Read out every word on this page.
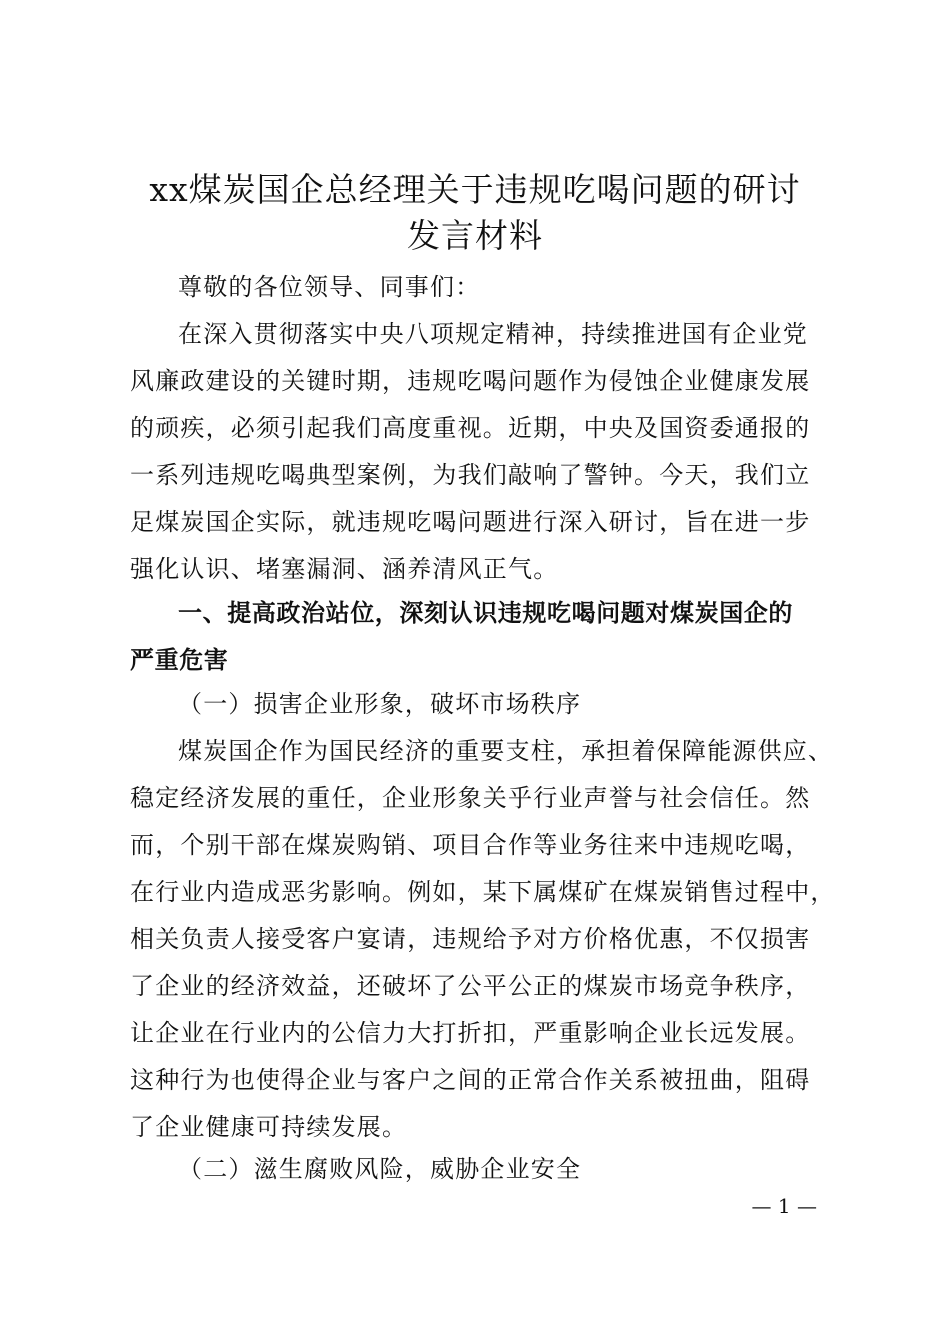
xx煤炭国企总经理关于违规吃喝问题的研讨
发言材料
尊敬的各位领导、同事们：
在深入贯彻落实中央八项规定精神，持续推进国有企业党
风廉政建设的关键时期，违规吃喝问题作为侵蚀企业健康发展
的顽疾，必须引起我们高度重视。近期，中央及国资委通报的
一系列违规吃喝典型案例，为我们敲响了警钟。今天，我们立
足煤炭国企实际，就违规吃喝问题进行深入研讨，旨在进一步
强化认识、堵塞漏洞、涵养清风正气。
一、提高政治站位，深刻认识违规吃喝问题对煤炭国企的
严重危害
（一）损害企业形象，破坏市场秩序
煤炭国企作为国民经济的重要支柱，承担着保障能源供应、
稳定经济发展的重任，企业形象关乎行业声誉与社会信任。然
而，个别干部在煤炭购销、项目合作等业务往来中违规吃喝，
在行业内造成恶劣影响。例如，某下属煤矿在煤炭销售过程中，
相关负责人接受客户宴请，违规给予对方价格优惠，不仅损害
了企业的经济效益，还破坏了公平公正的煤炭市场竞争秩序，
让企业在行业内的公信力大打折扣，严重影响企业长远发展。
这种行为也使得企业与客户之间的正常合作关系被扭曲，阻碍
了企业健康可持续发展。
（二）滋生腐败风险，威胁企业安全
— 1 —
